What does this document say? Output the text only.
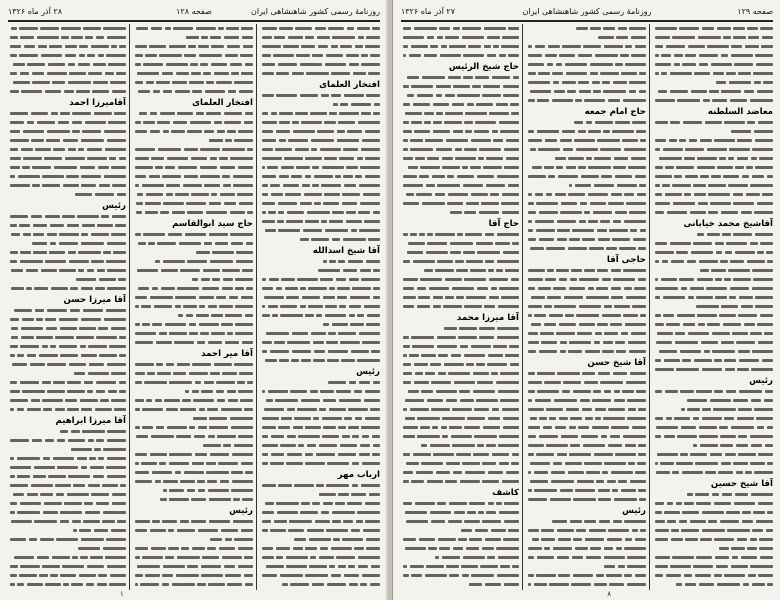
روزنامهٔ رسمی کشور شاهنشاهی ایران
صفحه ۱۲۸
۲۸ آذر ماه ۱۳۲۶
افتخار العلمای
آقا شیخ اسدالله
رئیس
ارباب مهر
افتخار العلمای
حاج سید ابوالقاسم
آقا میر احمد
رئیس
آقامیرزا احمد
رئیس
آقا میرزا حسن
آقا میرزا ابراهیم
۱
صفحه ۱۲۹
روزنامهٔ رسمی کشور شاهنشاهی ایران
۲۷ آذر ماه ۱۳۲۶
معاضد السلطنه
آقاشیخ محمد خیابانی
رئیس
آقا شیخ حسین
حاج امام جمعه
حاجی آقا
آقا شیخ حسن
رئیس
حاج شیخ الرئیس
حاج آقا
آقا میرزا محمد
کاشف
۸
